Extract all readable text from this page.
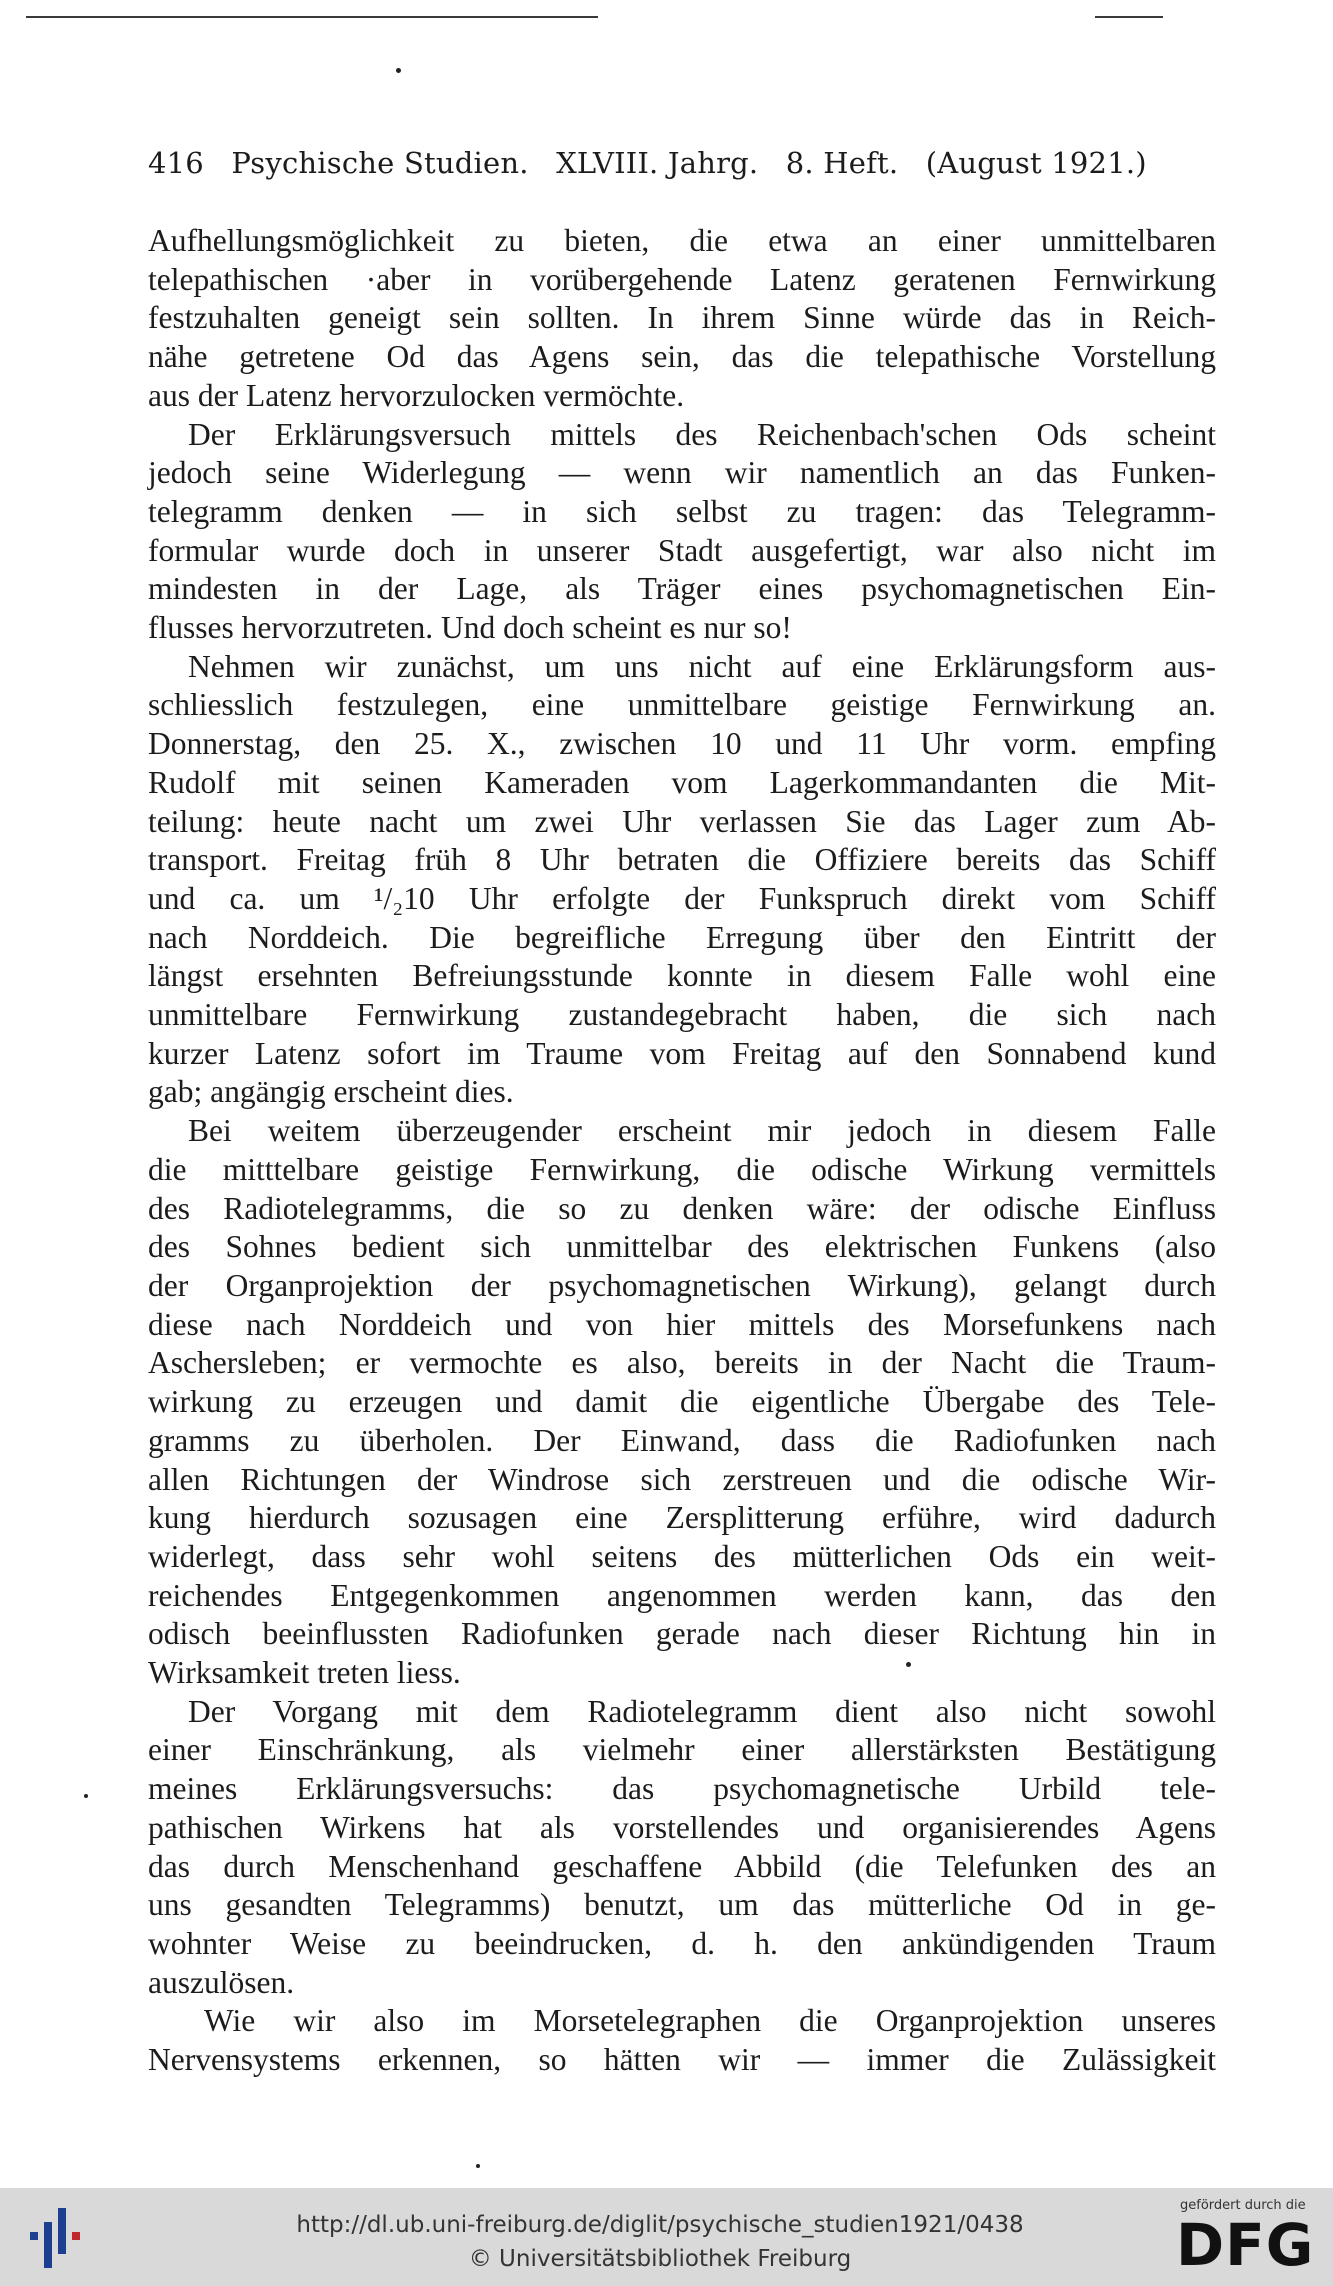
416 Psychische Studien. XLVIII. Jahrg. 8. Heft. (August 1921.)

Aufhellungsmöglichkeit zu bieten, die etwa an einer unmittelbaren
telepathischen ·aber in vorübergehende Latenz geratenen Fernwirkung
festzuhalten geneigt sein sollten. In ihrem Sinne würde das in Reich-
nähe getretene Od das Agens sein, das die telepathische Vorstellung
aus der Latenz hervorzulocken vermöchte.

Der Erklärungsversuch mittels des Reichenbach'schen Ods scheint
jedoch seine Widerlegung — wenn wir namentlich an das Funken-
telegramm denken — in sich selbst zu tragen: das Telegramm-
formular wurde doch in unserer Stadt ausgefertigt, war also nicht im
mindesten in der Lage, als Träger eines psychomagnetischen Ein-
flusses hervorzutreten. Und doch scheint es nur so!

Nehmen wir zunächst, um uns nicht auf eine Erklärungsform aus-
schliesslich festzulegen, eine unmittelbare geistige Fernwirkung an.
Donnerstag, den 25. X., zwischen 10 und 11 Uhr vorm. empfing
Rudolf mit seinen Kameraden vom Lagerkommandanten die Mit-
teilung: heute nacht um zwei Uhr verlassen Sie das Lager zum Ab-
transport. Freitag früh 8 Uhr betraten die Offiziere bereits das Schiff
und ca. um ¹/₂10 Uhr erfolgte der Funkspruch direkt vom Schiff
nach Norddeich. Die begreifliche Erregung über den Eintritt der
längst ersehnten Befreiungsstunde konnte in diesem Falle wohl eine
unmittelbare Fernwirkung zustandegebracht haben, die sich nach
kurzer Latenz sofort im Traume vom Freitag auf den Sonnabend kund
gab; angängig erscheint dies.

Bei weitem überzeugender erscheint mir jedoch in diesem Falle
die mitttelbare geistige Fernwirkung, die odische Wirkung vermittels
des Radiotelegramms, die so zu denken wäre: der odische Einfluss
des Sohnes bedient sich unmittelbar des elektrischen Funkens (also
der Organprojektion der psychomagnetischen Wirkung), gelangt durch
diese nach Norddeich und von hier mittels des Morsefunkens nach
Aschersleben; er vermochte es also, bereits in der Nacht die Traum-
wirkung zu erzeugen und damit die eigentliche Übergabe des Tele-
gramms zu überholen. Der Einwand, dass die Radiofunken nach
allen Richtungen der Windrose sich zerstreuen und die odische Wir-
kung hierdurch sozusagen eine Zersplitterung erführe, wird dadurch
widerlegt, dass sehr wohl seitens des mütterlichen Ods ein weit-
reichendes Entgegenkommen angenommen werden kann, das den
odisch beeinflussten Radiofunken gerade nach dieser Richtung hin in
Wirksamkeit treten liess.

Der Vorgang mit dem Radiotelegramm dient also nicht sowohl
einer Einschränkung, als vielmehr einer allerstärksten Bestätigung
meines Erklärungsversuchs: das psychomagnetische Urbild tele-
pathischen Wirkens hat als vorstellendes und organisierendes Agens
das durch Menschenhand geschaffene Abbild (die Telefunken des an
uns gesandten Telegramms) benutzt, um das mütterliche Od in ge-
wohnter Weise zu beeindrucken, d. h. den ankündigenden Traum
auszulösen.

Wie wir also im Morsetelegraphen die Organprojektion unseres
Nervensystems erkennen, so hätten wir — immer die Zulässigkeit

http://dl.ub.uni-freiburg.de/diglit/psychische_studien1921/0438
© Universitätsbibliothek Freiburg
gefördert durch die
DFG
